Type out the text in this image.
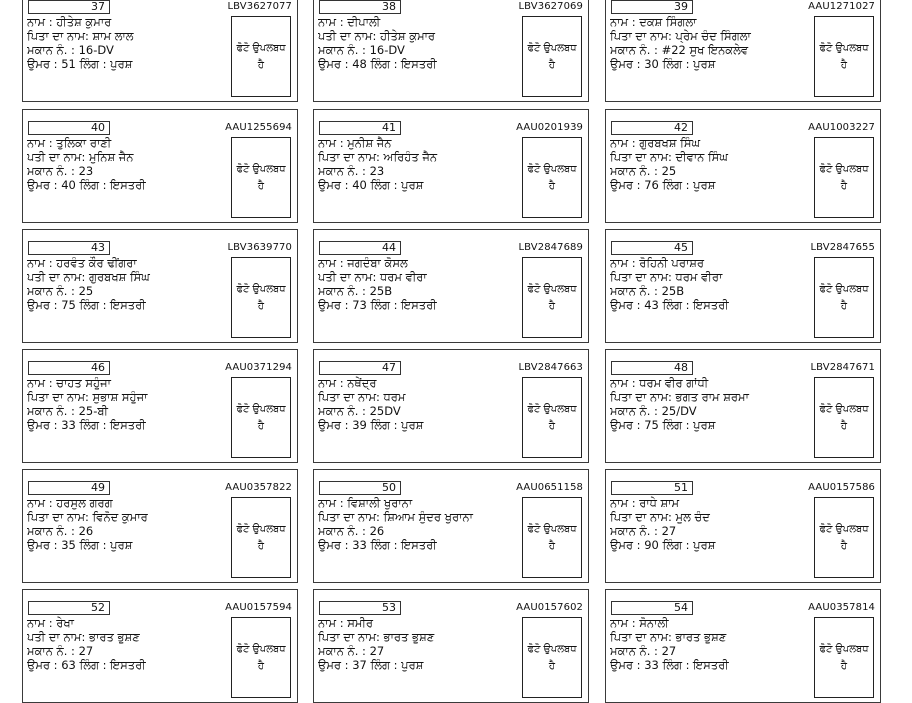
37	LBV3627077
ਨਾਮ : ਹੀਤੇਸ਼ ਕੁਮਾਰ
ਪਿਤਾ ਦਾ ਨਾਮ: ਸ਼ਾਮ ਲਾਲ
ਮਕਾਨ ਨੰ. : 16-DV
ਉਮਰ : 51 ਲਿੰਗ : ਪੁਰਸ਼
ਫੋਟੋ ਉਪਲਬਧ
ਹੈ
38	LBV3627069
ਨਾਮ : ਦੀਪਾਲੀ
ਪਤੀ ਦਾ ਨਾਮ: ਹੀਤੇਸ਼ ਕੁਮਾਰ
ਮਕਾਨ ਨੰ. : 16-DV
ਉਮਰ : 48 ਲਿੰਗ : ਇਸਤਰੀ
ਫੋਟੋ ਉਪਲਬਧ
ਹੈ
39	AAU1271027
ਨਾਮ : ਦਕਸ਼ ਸਿੰਗਲਾ
ਪਿਤਾ ਦਾ ਨਾਮ: ਪ੍ਰੇਮ ਚੰਦ ਸਿੰਗਲਾ
ਮਕਾਨ ਨੰ. : #22 ਸੁਖ ਇਨਕਲੇਵ
ਉਮਰ : 30 ਲਿੰਗ : ਪੁਰਸ਼
ਫੋਟੋ ਉਪਲਬਧ
ਹੈ
40	AAU1255694
ਨਾਮ : ਤੁਲਿਕਾ ਰਾਣੀ
ਪਤੀ ਦਾ ਨਾਮ: ਮੁਨਿਸ਼ ਜੈਨ
ਮਕਾਨ ਨੰ. : 23
ਉਮਰ : 40 ਲਿੰਗ : ਇਸਤਰੀ
ਫੋਟੋ ਉਪਲਬਧ
ਹੈ
41	AAU0201939
ਨਾਮ : ਮੁਨੀਸ਼ ਜੈਨ
ਪਿਤਾ ਦਾ ਨਾਮ: ਅਰਿਹੰਤ ਜੈਨ
ਮਕਾਨ ਨੰ. : 23
ਉਮਰ : 40 ਲਿੰਗ : ਪੁਰਸ਼
ਫੋਟੋ ਉਪਲਬਧ
ਹੈ
42	AAU1003227
ਨਾਮ : ਗੁਰਬਖਸ਼ ਸਿੰਘ
ਪਿਤਾ ਦਾ ਨਾਮ: ਦੀਵਾਨ ਸਿੰਘ
ਮਕਾਨ ਨੰ. : 25
ਉਮਰ : 76 ਲਿੰਗ : ਪੁਰਸ਼
ਫੋਟੋ ਉਪਲਬਧ
ਹੈ
43	LBV3639770
ਨਾਮ : ਹਰਵੰਤ ਕੌਰ ਢੀਂਗਰਾ
ਪਤੀ ਦਾ ਨਾਮ: ਗੁਰਬਖਸ਼ ਸਿੰਘ
ਮਕਾਨ ਨੰ. : 25
ਉਮਰ : 75 ਲਿੰਗ : ਇਸਤਰੀ
ਫੋਟੋ ਉਪਲਬਧ
ਹੈ
44	LBV2847689
ਨਾਮ : ਜਗਦੰਬਾ ਕੋਸਲ
ਪਤੀ ਦਾ ਨਾਮ: ਧਰਮ ਵੀਰਾ
ਮਕਾਨ ਨੰ. : 25B
ਉਮਰ : 73 ਲਿੰਗ : ਇਸਤਰੀ
ਫੋਟੋ ਉਪਲਬਧ
ਹੈ
45	LBV2847655
ਨਾਮ : ਰੋਹਿਨੀ ਪਰਾਸ਼ਰ
ਪਿਤਾ ਦਾ ਨਾਮ: ਧਰਮ ਵੀਰਾ
ਮਕਾਨ ਨੰ. : 25B
ਉਮਰ : 43 ਲਿੰਗ : ਇਸਤਰੀ
ਫੋਟੋ ਉਪਲਬਧ
ਹੈ
46	AAU0371294
ਨਾਮ : ਚਾਹਤ ਸਹੂੰਜਾ
ਪਿਤਾ ਦਾ ਨਾਮ: ਸੁਭਾਸ਼ ਸਹੂੰਜਾ
ਮਕਾਨ ਨੰ. : 25-ਬੀ
ਉਮਰ : 33 ਲਿੰਗ : ਇਸਤਰੀ
ਫੋਟੋ ਉਪਲਬਧ
ਹੈ
47	LBV2847663
ਨਾਮ : ਨਥੇਂਦ੍ਰ
ਪਿਤਾ ਦਾ ਨਾਮ: ਧਰਮ
ਮਕਾਨ ਨੰ. : 25DV
ਉਮਰ : 39 ਲਿੰਗ : ਪੁਰਸ਼
ਫੋਟੋ ਉਪਲਬਧ
ਹੈ
48	LBV2847671
ਨਾਮ : ਧਰਮ ਵੀਰ ਗਾਂਧੀ
ਪਿਤਾ ਦਾ ਨਾਮ: ਭਗਤ ਰਾਮ ਸ਼ਰਮਾ
ਮਕਾਨ ਨੰ. : 25/DV
ਉਮਰ : 75 ਲਿੰਗ : ਪੁਰਸ਼
ਫੋਟੋ ਉਪਲਬਧ
ਹੈ
49	AAU0357822
ਨਾਮ : ਹਰਸੁਲ ਗਰਗ
ਪਿਤਾ ਦਾ ਨਾਮ: ਵਿਨੋਦ ਕੁਮਾਰ
ਮਕਾਨ ਨੰ. : 26
ਉਮਰ : 35 ਲਿੰਗ : ਪੁਰਸ਼
ਫੋਟੋ ਉਪਲਬਧ
ਹੈ
50	AAU0651158
ਨਾਮ : ਵਿਸ਼ਾਲੀ ਖੁਰਾਨਾ
ਪਿਤਾ ਦਾ ਨਾਮ: ਸ਼ਿਆਮ ਸੁੰਦਰ ਖੁਰਾਨਾ
ਮਕਾਨ ਨੰ. : 26
ਉਮਰ : 33 ਲਿੰਗ : ਇਸਤਰੀ
ਫੋਟੋ ਉਪਲਬਧ
ਹੈ
51	AAU0157586
ਨਾਮ : ਰਾਧੇ ਸ਼ਾਮ
ਪਿਤਾ ਦਾ ਨਾਮ: ਮੂਲ ਚੰਦ
ਮਕਾਨ ਨੰ. : 27
ਉਮਰ : 90 ਲਿੰਗ : ਪੁਰਸ਼
ਫੋਟੋ ਉਪਲਬਧ
ਹੈ
52	AAU0157594
ਨਾਮ : ਰੇਖਾ
ਪਤੀ ਦਾ ਨਾਮ: ਭਾਰਤ ਭੂਸ਼ਣ
ਮਕਾਨ ਨੰ. : 27
ਉਮਰ : 63 ਲਿੰਗ : ਇਸਤਰੀ
ਫੋਟੋ ਉਪਲਬਧ
ਹੈ
53	AAU0157602
ਨਾਮ : ਸਮੀਰ
ਪਿਤਾ ਦਾ ਨਾਮ: ਭਾਰਤ ਭੂਸ਼ਣ
ਮਕਾਨ ਨੰ. : 27
ਉਮਰ : 37 ਲਿੰਗ : ਪੁਰਸ਼
ਫੋਟੋ ਉਪਲਬਧ
ਹੈ
54	AAU0357814
ਨਾਮ : ਸੋਨਾਲੀ
ਪਿਤਾ ਦਾ ਨਾਮ: ਭਾਰਤ ਭੂਸ਼ਣ
ਮਕਾਨ ਨੰ. : 27
ਉਮਰ : 33 ਲਿੰਗ : ਇਸਤਰੀ
ਫੋਟੋ ਉਪਲਬਧ
ਹੈ
